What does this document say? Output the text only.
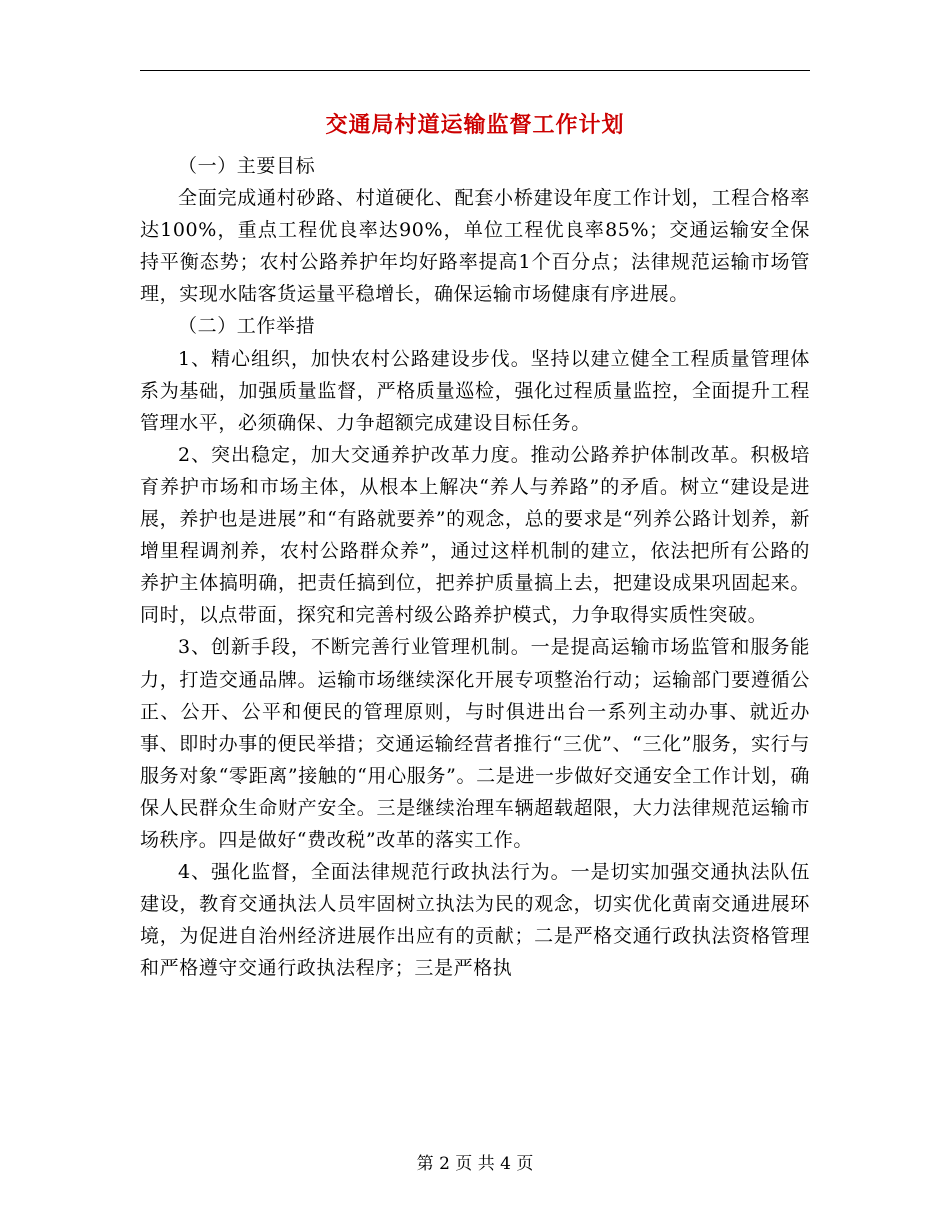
交通局村道运输监督工作计划

（一）主要目标

全面完成通村砂路、村道硬化、配套小桥建设年度工作计划，工程合格率达100%，重点工程优良率达90%，单位工程优良率85%；交通运输安全保持平衡态势；农村公路养护年均好路率提高1个百分点；法律规范运输市场管理，实现水陆客货运量平稳增长，确保运输市场健康有序进展。

（二）工作举措

1、精心组织，加快农村公路建设步伐。坚持以建立健全工程质量管理体系为基础，加强质量监督，严格质量巡检，强化过程质量监控，全面提升工程管理水平，必须确保、力争超额完成建设目标任务。

2、突出稳定，加大交通养护改革力度。推动公路养护体制改革。积极培育养护市场和市场主体，从根本上解决“养人与养路”的矛盾。树立“建设是进展，养护也是进展”和“有路就要养”的观念，总的要求是“列养公路计划养，新增里程调剂养，农村公路群众养”，通过这样机制的建立，依法把所有公路的养护主体搞明确，把责任搞到位，把养护质量搞上去，把建设成果巩固起来。同时，以点带面，探究和完善村级公路养护模式，力争取得实质性突破。

3、创新手段，不断完善行业管理机制。一是提高运输市场监管和服务能力，打造交通品牌。运输市场继续深化开展专项整治行动；运输部门要遵循公正、公开、公平和便民的管理原则，与时俱进出台一系列主动办事、就近办事、即时办事的便民举措；交通运输经营者推行“三优”、“三化”服务，实行与服务对象“零距离”接触的“用心服务”。二是进一步做好交通安全工作计划，确保人民群众生命财产安全。三是继续治理车辆超载超限，大力法律规范运输市场秩序。四是做好“费改税”改革的落实工作。

4、强化监督，全面法律规范行政执法行为。一是切实加强交通执法队伍建设，教育交通执法人员牢固树立执法为民的观念，切实优化黄南交通进展环境，为促进自治州经济进展作出应有的贡献；二是严格交通行政执法资格管理和严格遵守交通行政执法程序；三是严格执

第 2 页 共 4 页
